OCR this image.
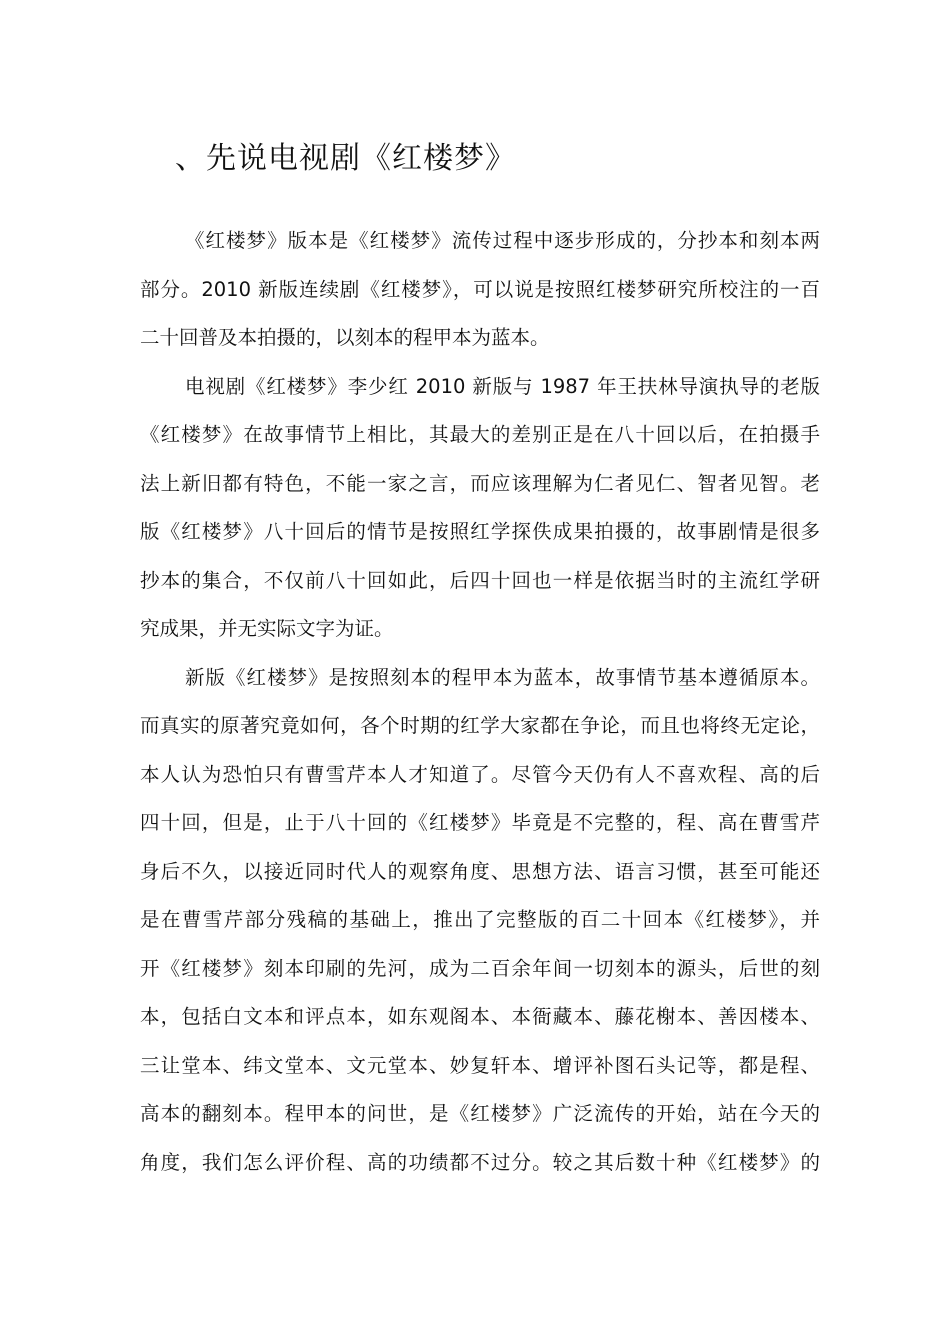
、先说电视剧《红楼梦》
《红楼梦》版本是《红楼梦》流传过程中逐步形成的，分抄本和刻本两
部分。2010 新版连续剧《红楼梦》，可以说是按照红楼梦研究所校注的一百
二十回普及本拍摄的，以刻本的程甲本为蓝本。
电视剧《红楼梦》李少红 2010 新版与 1987 年王扶林导演执导的老版
《红楼梦》在故事情节上相比，其最大的差别正是在八十回以后，在拍摄手
法上新旧都有特色，不能一家之言，而应该理解为仁者见仁、智者见智。老
版《红楼梦》八十回后的情节是按照红学探佚成果拍摄的，故事剧情是很多
抄本的集合，不仅前八十回如此，后四十回也一样是依据当时的主流红学研
究成果，并无实际文字为证。
新版《红楼梦》是按照刻本的程甲本为蓝本，故事情节基本遵循原本。
而真实的原著究竟如何，各个时期的红学大家都在争论，而且也将终无定论，
本人认为恐怕只有曹雪芹本人才知道了。尽管今天仍有人不喜欢程、高的后
四十回，但是，止于八十回的《红楼梦》毕竟是不完整的，程、高在曹雪芹
身后不久，以接近同时代人的观察角度、思想方法、语言习惯，甚至可能还
是在曹雪芹部分残稿的基础上，推出了完整版的百二十回本《红楼梦》，并
开《红楼梦》刻本印刷的先河，成为二百余年间一切刻本的源头，后世的刻
本，包括白文本和评点本，如东观阁本、本衙藏本、藤花榭本、善因楼本、
三让堂本、纬文堂本、文元堂本、妙复轩本、增评补图石头记等，都是程、
高本的翻刻本。程甲本的问世，是《红楼梦》广泛流传的开始，站在今天的
角度，我们怎么评价程、高的功绩都不过分。较之其后数十种《红楼梦》的
